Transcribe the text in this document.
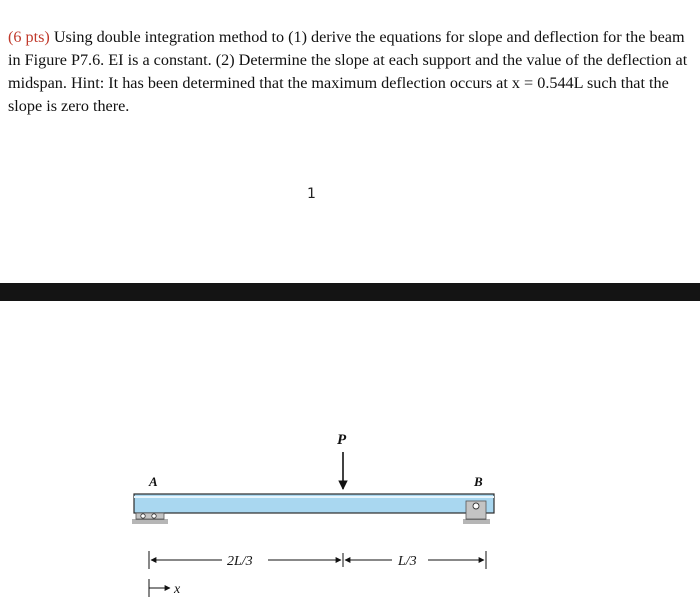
(6 pts) Using double integration method to (1) derive the equations for slope and deflection for the beam in Figure P7.6. EI is a constant. (2) Determine the slope at each support and the value of the deflection at midspan. Hint: It has been determined that the maximum deflection occurs at x = 0.544L such that the slope is zero there.

1
P
A	B
2L/3	L/3
x
